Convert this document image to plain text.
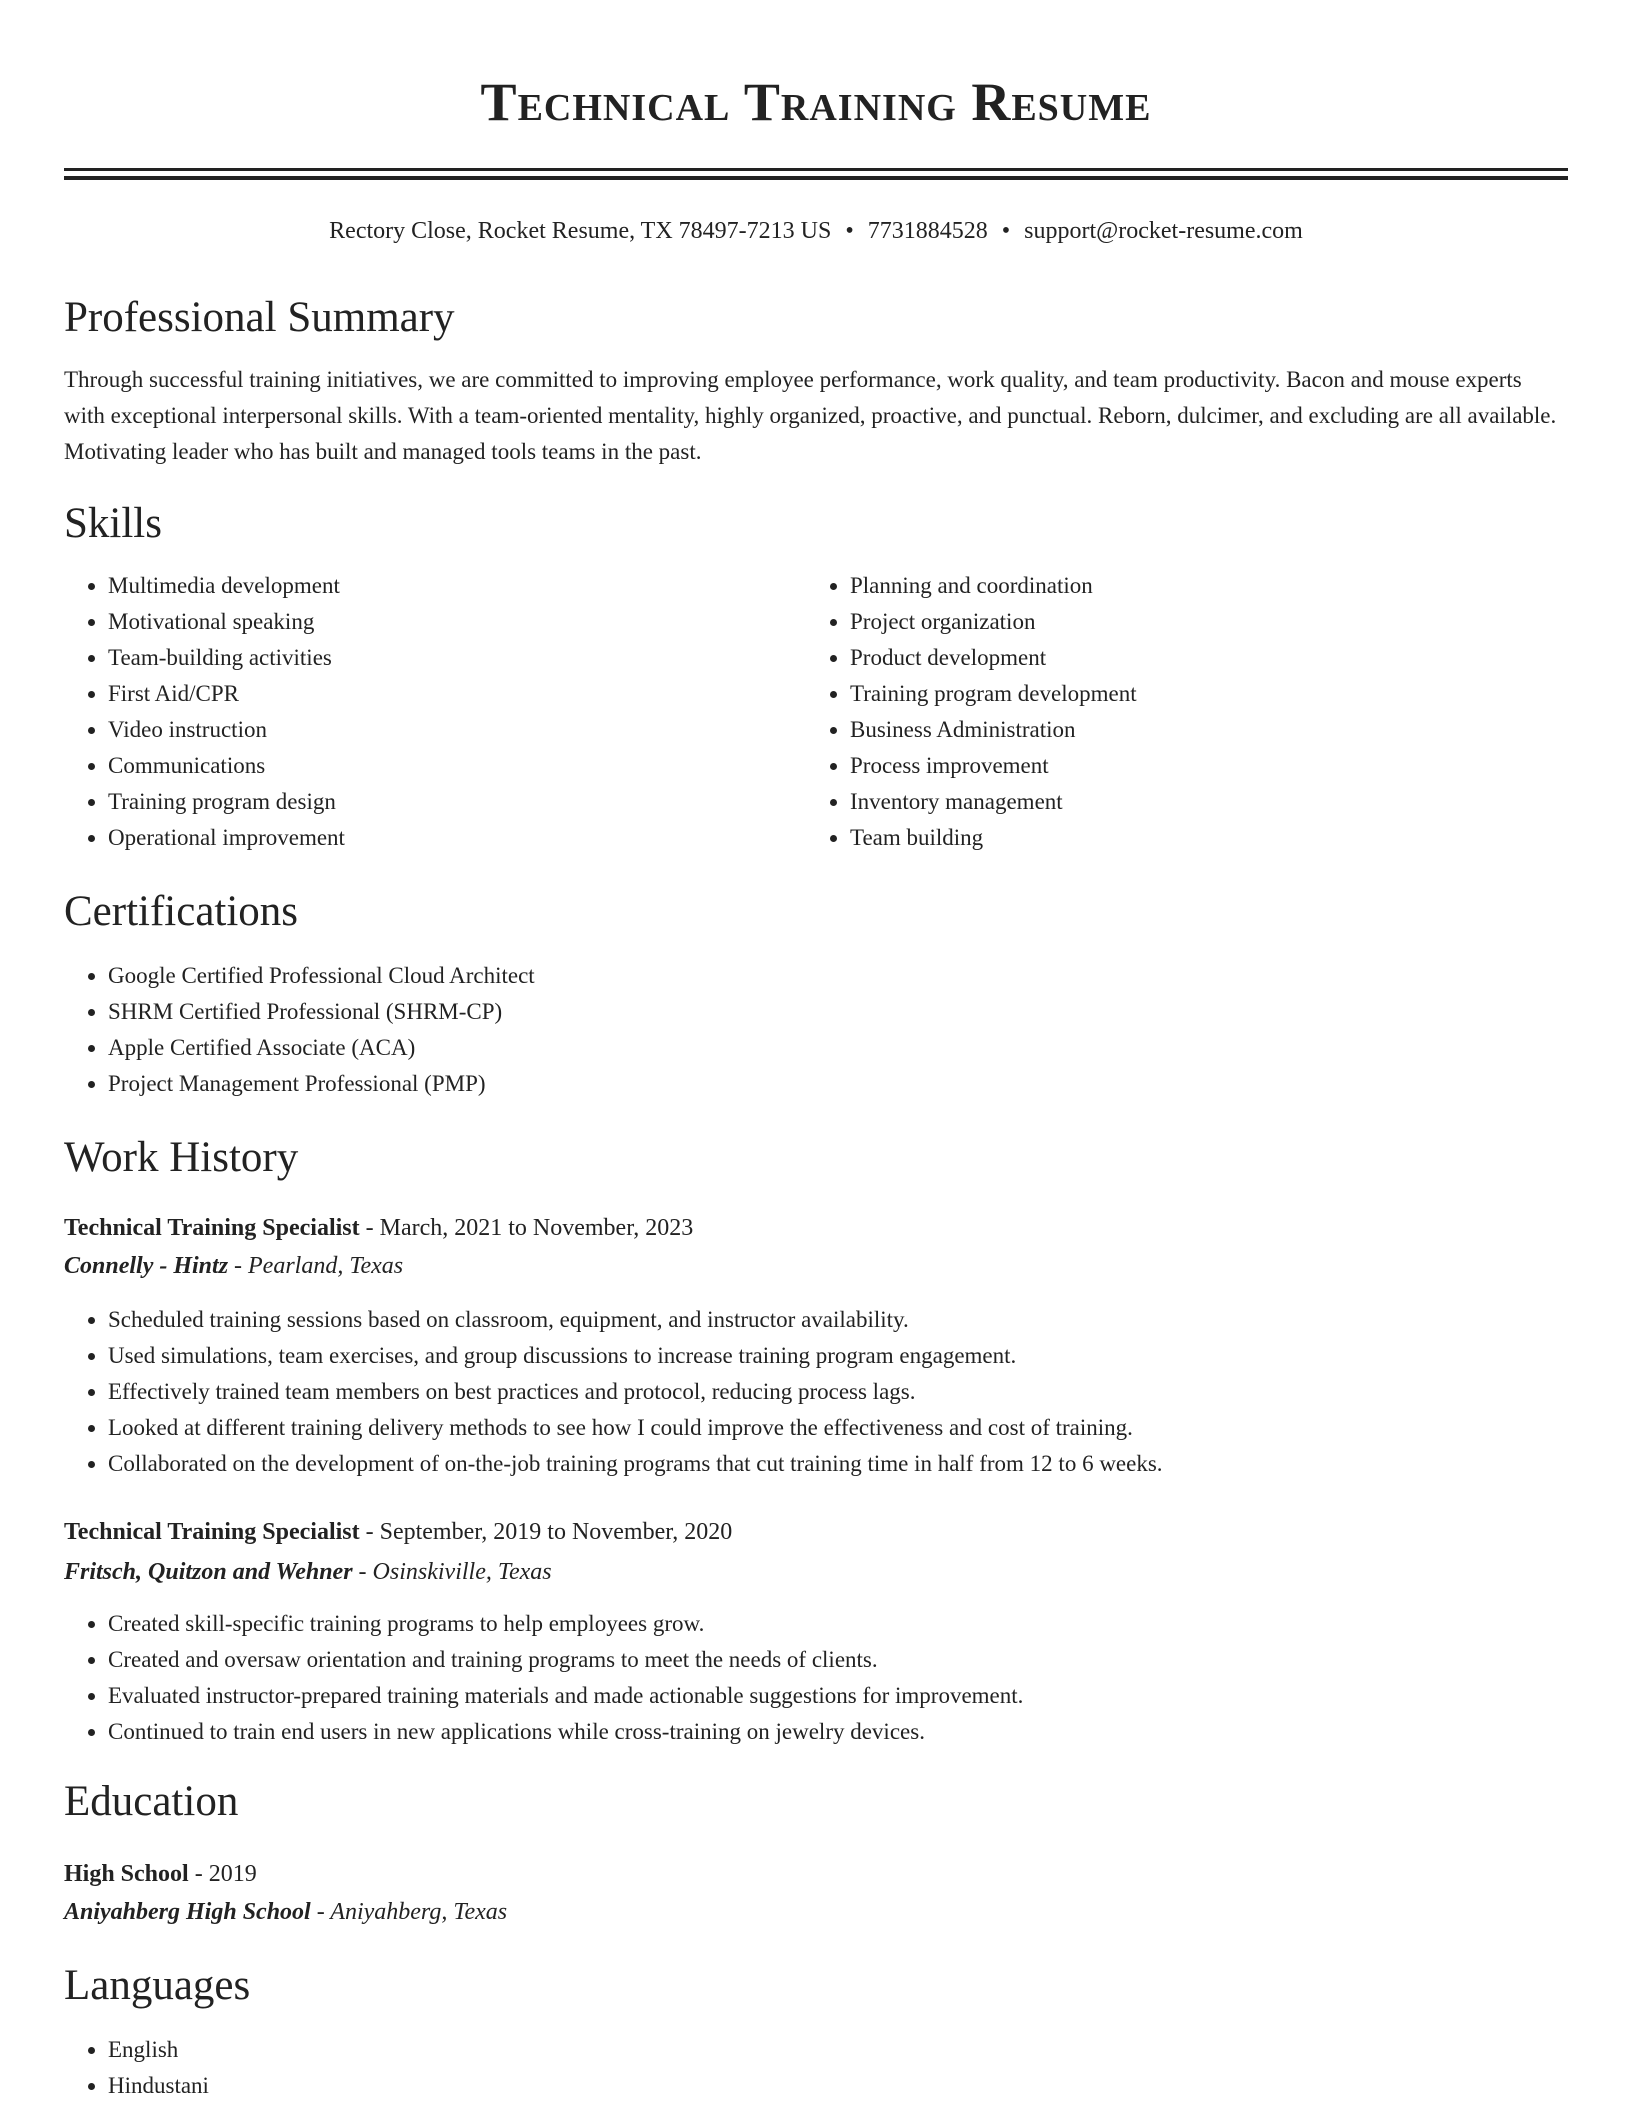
Technical Training Resume
Rectory Close, Rocket Resume, TX 78497-7213 US • 7731884528 • support@rocket-resume.com
Professional Summary

Through successful training initiatives, we are committed to improving employee performance, work quality, and team productivity. Bacon and mouse experts with exceptional interpersonal skills. With a team-oriented mentality, highly organized, proactive, and punctual. Reborn, dulcimer, and excluding are all available. Motivating leader who has built and managed tools teams in the past.

Skills
• Multimedia development
• Motivational speaking
• Team-building activities
• First Aid/CPR
• Video instruction
• Communications
• Training program design
• Operational improvement
• Planning and coordination
• Project organization
• Product development
• Training program development
• Business Administration
• Process improvement
• Inventory management
• Team building
Certifications
• Google Certified Professional Cloud Architect
• SHRM Certified Professional (SHRM-CP)
• Apple Certified Associate (ACA)
• Project Management Professional (PMP)
Work History
Technical Training Specialist - March, 2021 to November, 2023
Connelly - Hintz - Pearland, Texas
• Scheduled training sessions based on classroom, equipment, and instructor availability.
• Used simulations, team exercises, and group discussions to increase training program engagement.
• Effectively trained team members on best practices and protocol, reducing process lags.
• Looked at different training delivery methods to see how I could improve the effectiveness and cost of training.
• Collaborated on the development of on-the-job training programs that cut training time in half from 12 to 6 weeks.
Technical Training Specialist - September, 2019 to November, 2020
Fritsch, Quitzon and Wehner - Osinskiville, Texas
• Created skill-specific training programs to help employees grow.
• Created and oversaw orientation and training programs to meet the needs of clients.
• Evaluated instructor-prepared training materials and made actionable suggestions for improvement.
• Continued to train end users in new applications while cross-training on jewelry devices.
Education
High School - 2019
Aniyahberg High School - Aniyahberg, Texas
Languages
• English
• Hindustani
